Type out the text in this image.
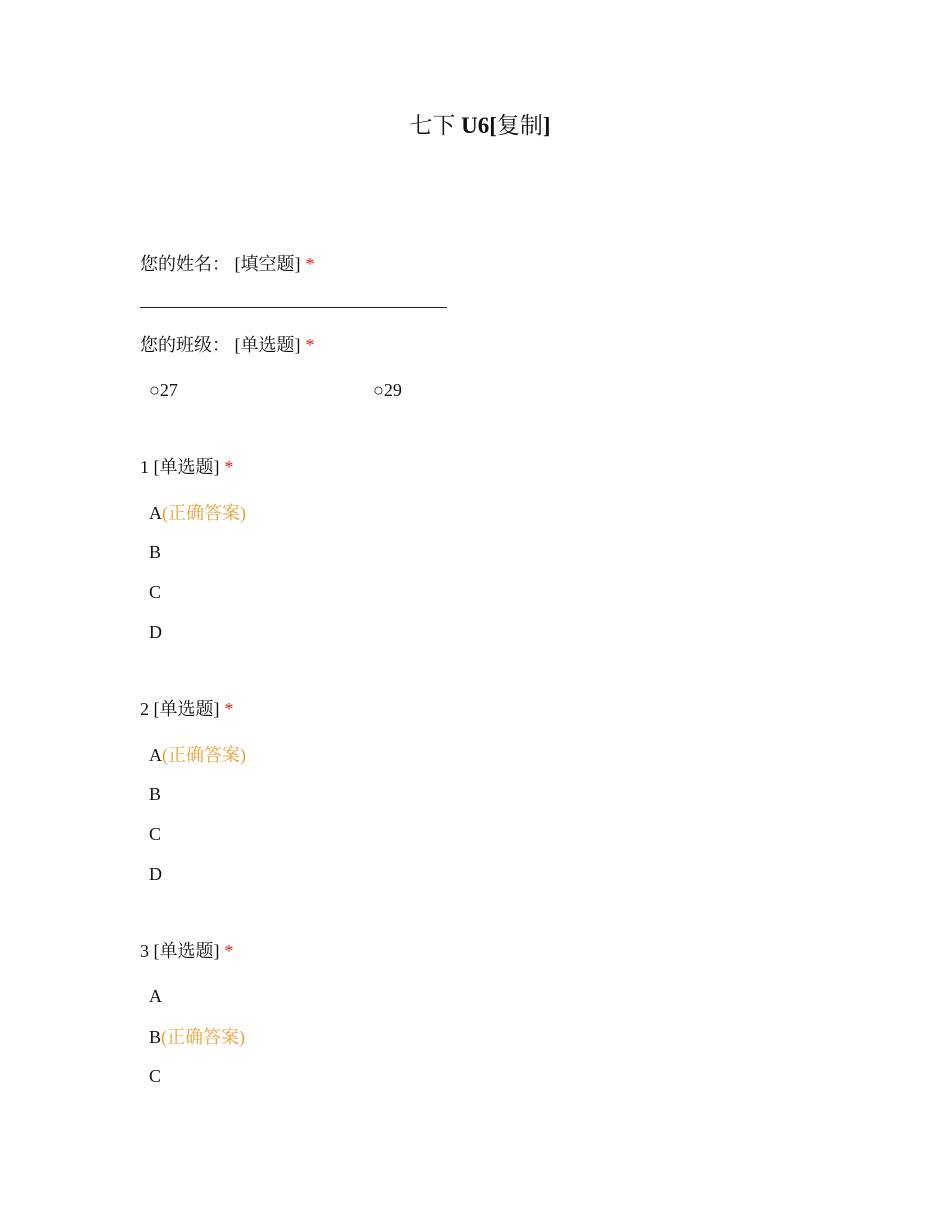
七下 U6[复制]
您的姓名： [填空题] *
您的班级： [单选题] *
○27	○29
1 [单选题] *
A(正确答案)
B
C
D
2 [单选题] *
A(正确答案)
B
C
D
3 [单选题] *
A
B(正确答案)
C
